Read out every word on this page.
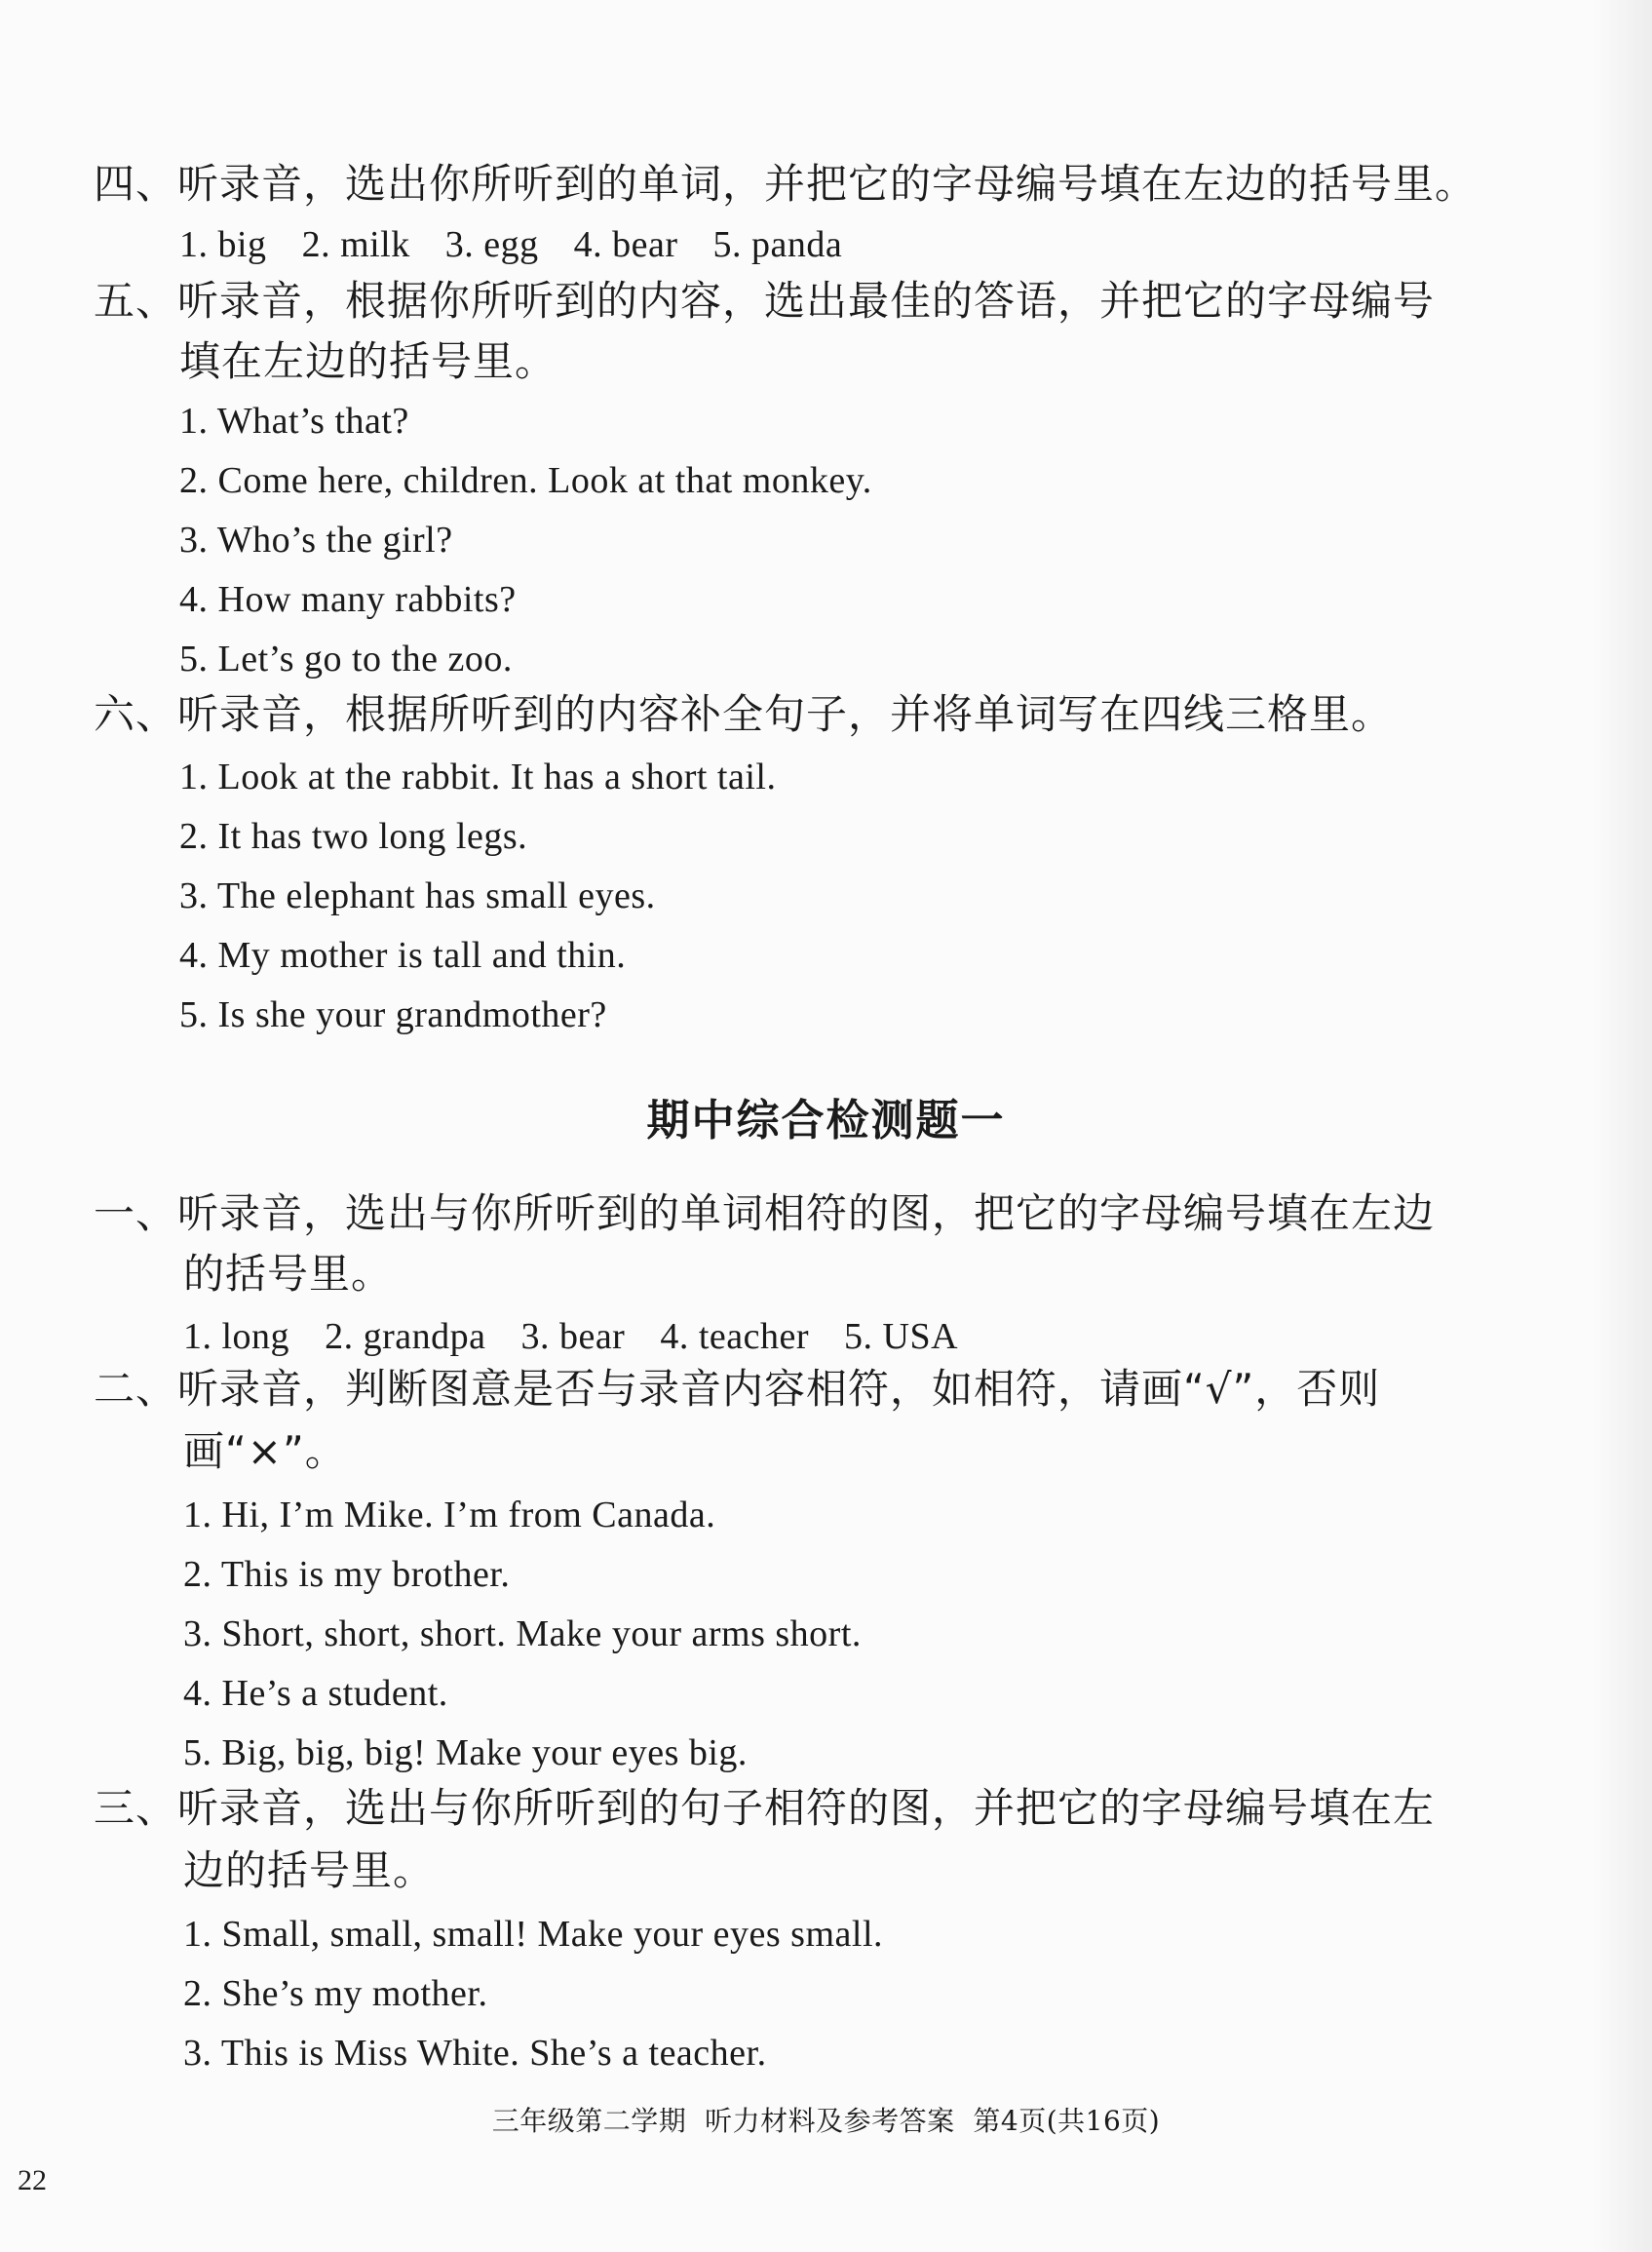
四、听录音，选出你所听到的单词，并把它的字母编号填在左边的括号里。
1. big 2. milk 3. egg 4. bear 5. panda
五、听录音，根据你所听到的内容，选出最佳的答语，并把它的字母编号
填在左边的括号里。
1. What’s that?
2. Come here, children. Look at that monkey.
3. Who’s the girl?
4. How many rabbits?
5. Let’s go to the zoo.
六、听录音，根据所听到的内容补全句子，并将单词写在四线三格里。
1. Look at the rabbit. It has a short tail.
2. It has two long legs.
3. The elephant has small eyes.
4. My mother is tall and thin.
5. Is she your grandmother?
期中综合检测题一
一、听录音，选出与你所听到的单词相符的图，把它的字母编号填在左边
的括号里。
1. long 2. grandpa 3. bear 4. teacher 5. USA
二、听录音，判断图意是否与录音内容相符，如相符，请画“√”，否则
画“×”。
1. Hi, I’m Mike. I’m from Canada.
2. This is my brother.
3. Short, short, short. Make your arms short.
4. He’s a student.
5. Big, big, big! Make your eyes big.
三、听录音，选出与你所听到的句子相符的图，并把它的字母编号填在左
边的括号里。
1. Small, small, small! Make your eyes small.
2. She’s my mother.
3. This is Miss White. She’s a teacher.
三年级第二学期  听力材料及参考答案  第4页(共16页)
22
